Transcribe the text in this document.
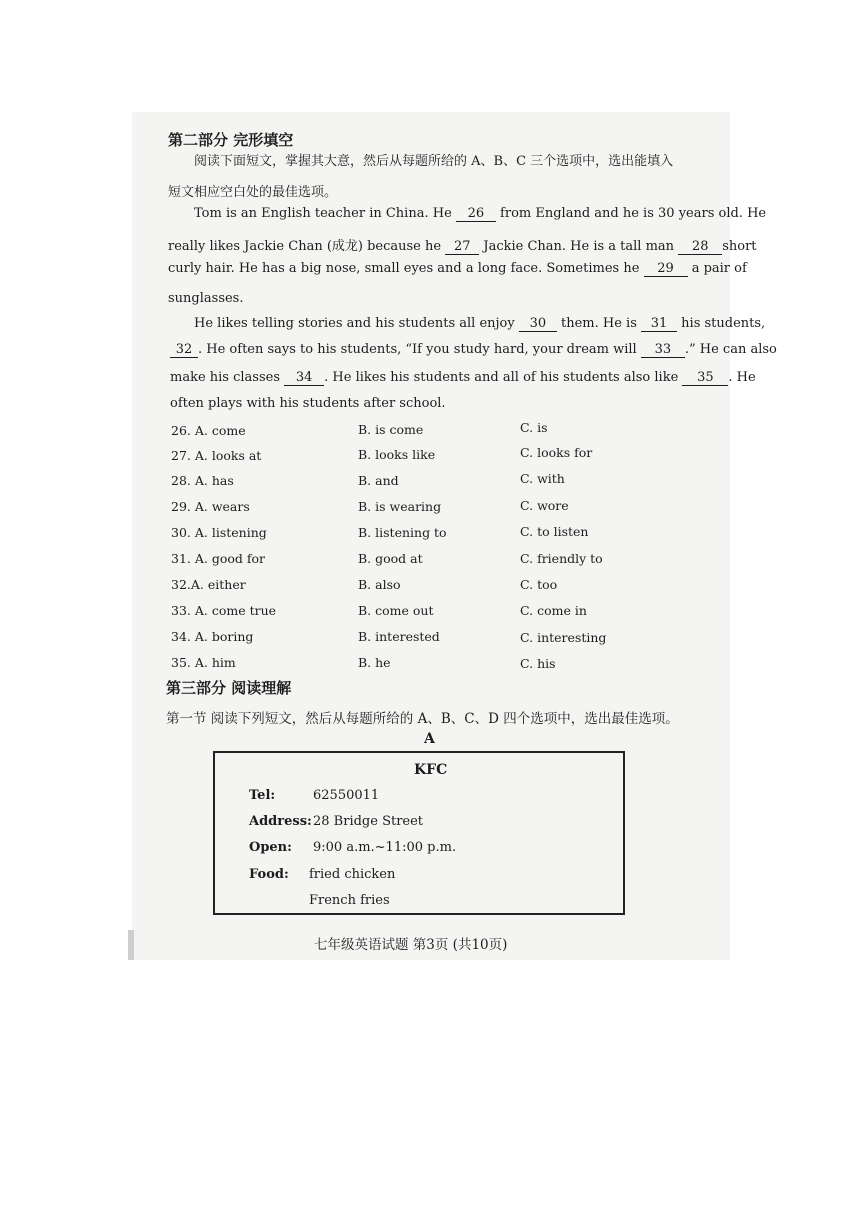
第二部分 完形填空
阅读下面短文，掌握其大意，然后从每题所给的 A、B、C 三个选项中，选出能填入
短文相应空白处的最佳选项。
Tom is an English teacher in China. He 26 from England and he is 30 years old. He
really likes Jackie Chan (成龙) because he 27 Jackie Chan. He is a tall man 28 short
curly hair. He has a big nose, small eyes and a long face. Sometimes he 29 a pair of
sunglasses.
He likes telling stories and his students all enjoy 30 them. He is 31 his students,
32 . He often says to his students, “If you study hard, your dream will 33 .” He can also
make his classes 34 . He likes his students and all of his students also like 35 . He
often plays with his students after school.
26. A. come	B. is come	C. is
27. A. looks at	B. looks like	C. looks for
28. A. has	B. and	C. with
29. A. wears	B. is wearing	C. wore
30. A. listening	B. listening to	C. to listen
31. A. good for	B. good at	C. friendly to
32.A. either	B. also	C. too
33. A. come true	B. come out	C. come in
34. A. boring	B. interested	C. interesting
35. A. him	B. he	C. his
第三部分 阅读理解
第一节 阅读下列短文，然后从每题所给的 A、B、C、D 四个选项中，选出最佳选项。
A
KFC
Tel:	62550011
Address: 28 Bridge Street
Open: 9:00 a.m.~11:00 p.m.
Food: fried chicken
French fries
七年级英语试题 第3页 (共10页)
